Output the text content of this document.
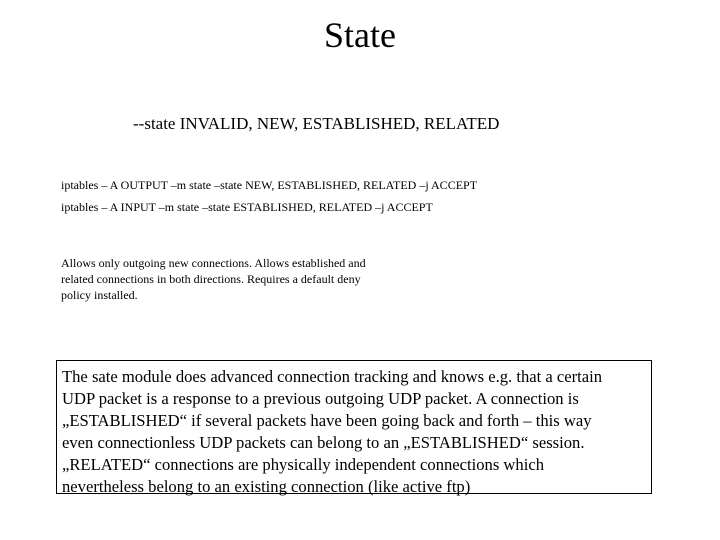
State
--state INVALID, NEW, ESTABLISHED, RELATED
iptables – A OUTPUT –m state –state NEW, ESTABLISHED, RELATED –j ACCEPT
iptables – A INPUT –m state –state ESTABLISHED, RELATED –j ACCEPT
Allows only outgoing new connections. Allows established and related connections in both directions. Requires a default deny policy installed.

The sate module does advanced connection tracking and knows e.g. that a certain

UDP packet is a response to a previous outgoing UDP packet. A connection is

„ESTABLISHED“ if several packets have been going back and forth – this way

even connectionless UDP packets can belong to an „ESTABLISHED“ session.

„RELATED“ connections are physically independent connections which

nevertheless belong to an existing connection (like active ftp)
